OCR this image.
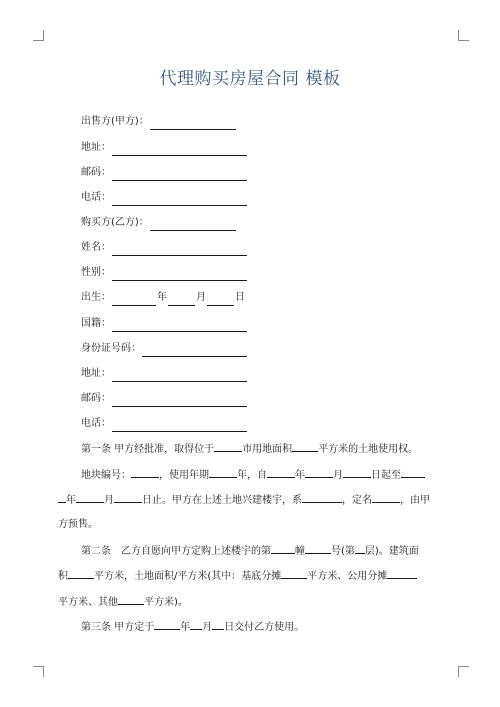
代理购买房屋合同 模板
出售方(甲方)：
地址：
邮码：
电话：
购买方(乙方)：
姓名：
性别：
出生：	年	月	日
国籍：
身份证号码：
地址：
邮码：
电话：
第一条 甲方经批准，取得位于	市用地面积	平方米的土地使用权。
地块编号：	，使用年期	年，自	年	月	日起至
年	月	日止。甲方在上述土地兴建楼宇，系	，定名	，由甲
方预售。
第二条　乙方自愿向甲方定购上述楼宇的第 幢	号(第 层)。建筑面
积	平方米，土地面积/平方米(其中：基底分摊	平方米、公用分摊
平方米、其他	平方米)。
第三条 甲方定于	年 月 日交付乙方使用。
